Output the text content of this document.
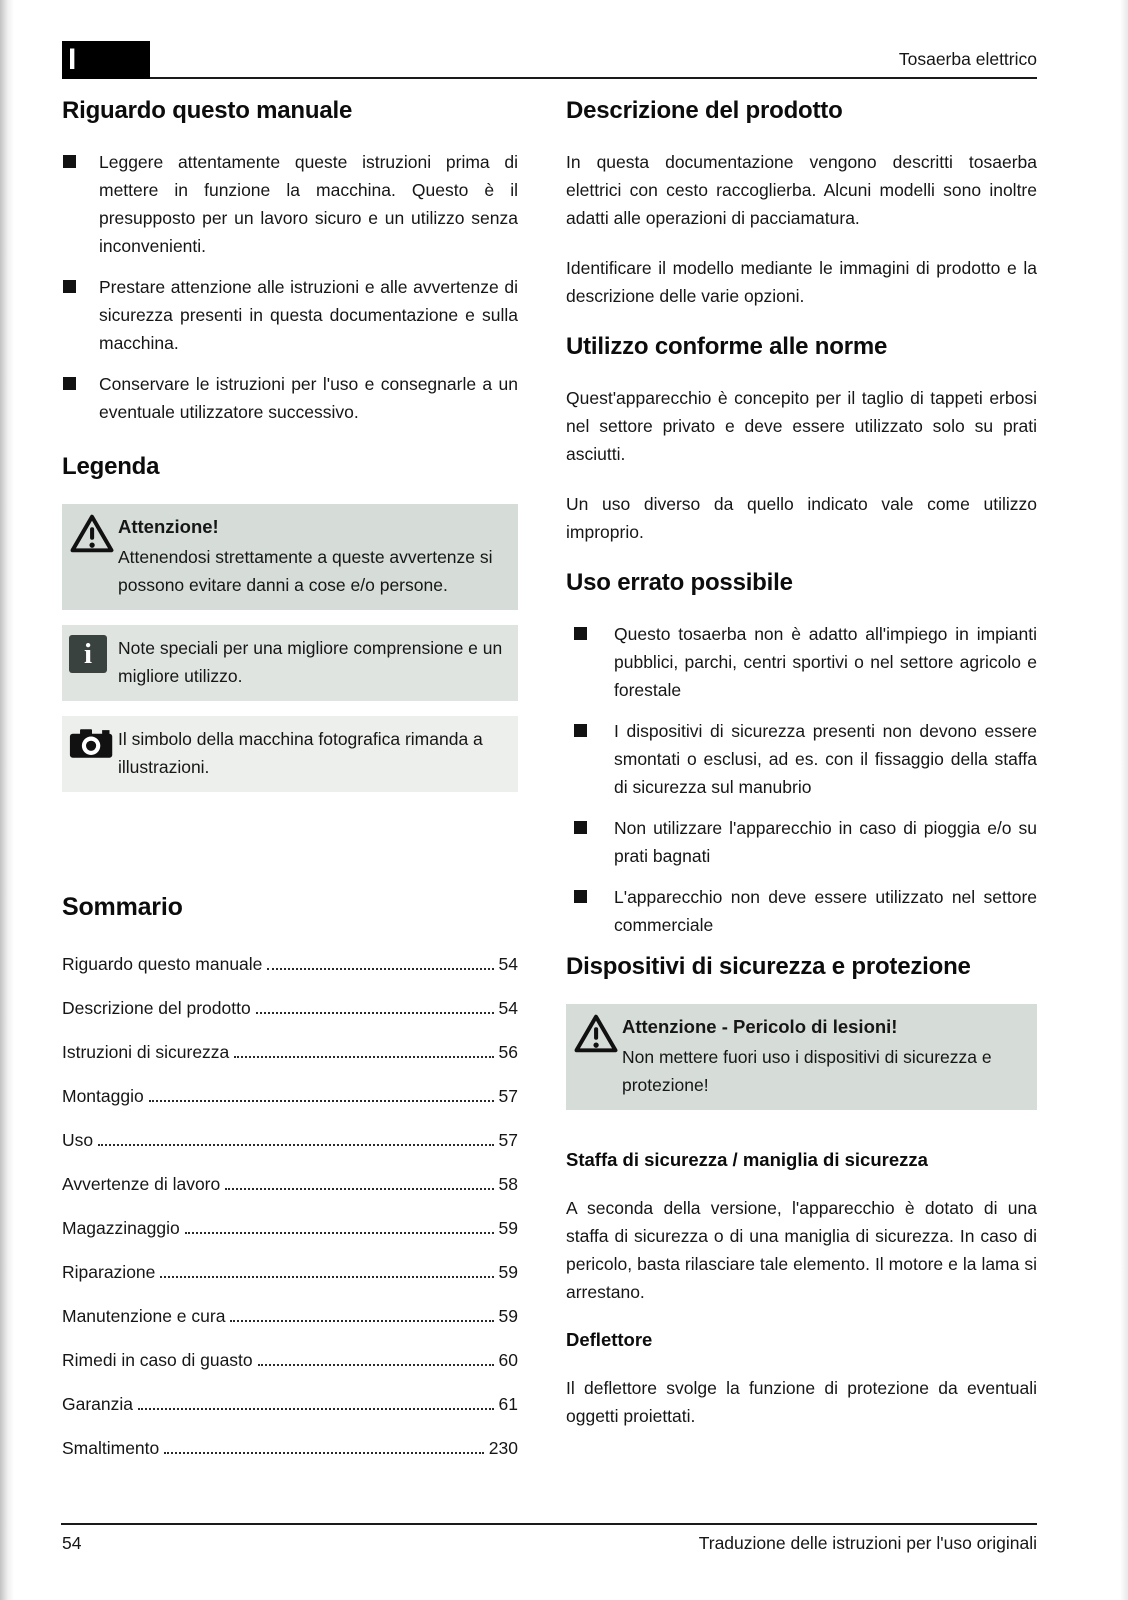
I	Tosaerba elettrico
Riguardo questo manuale
Leggere attentamente queste istruzioni prima di mettere in funzione la macchina. Questo è il presupposto per un lavoro sicuro e un utilizzo senza inconvenienti.
Prestare attenzione alle istruzioni e alle avvertenze di sicurezza presenti in questa documentazione e sulla macchina.
Conservare le istruzioni per l'uso e consegnarle a un eventuale utilizzatore successivo.
Legenda

Attenzione!

Attenendosi strettamente a queste avvertenze si possono evitare danni a cose e/o persone.

i Note speciali per una migliore comprensione e un migliore utilizzo.

Il simbolo della macchina fotografica rimanda a illustrazioni.

Sommario
Riguardo questo manuale	54
Descrizione del prodotto	54
Istruzioni di sicurezza	56
Montaggio	57
Uso	57
Avvertenze di lavoro	58
Magazzinaggio	59
Riparazione	59
Manutenzione e cura	59
Rimedi in caso di guasto	60
Garanzia	61
Smaltimento	230
Descrizione del prodotto

In questa documentazione vengono descritti tosaerba elettrici con cesto raccoglierba. Alcuni modelli sono inoltre adatti alle operazioni di pacciamatura.

Identificare il modello mediante le immagini di prodotto e la descrizione delle varie opzioni.

Utilizzo conforme alle norme

Quest'apparecchio è concepito per il taglio di tappeti erbosi nel settore privato e deve essere utilizzato solo su prati asciutti.

Un uso diverso da quello indicato vale come utilizzo improprio.

Uso errato possibile
Questo tosaerba non è adatto all'impiego in impianti pubblici, parchi, centri sportivi o nel settore agricolo e forestale
I dispositivi di sicurezza presenti non devono essere smontati o esclusi, ad es. con il fissaggio della staffa di sicurezza sul manubrio
Non utilizzare l'apparecchio in caso di pioggia e/o su prati bagnati
L'apparecchio non deve essere utilizzato nel settore commerciale
Dispositivi di sicurezza e protezione

Attenzione - Pericolo di lesioni!

Non mettere fuori uso i dispositivi di sicurezza e protezione!

Staffa di sicurezza / maniglia di sicurezza

A seconda della versione, l'apparecchio è dotato di una staffa di sicurezza o di una maniglia di sicurezza. In caso di pericolo, basta rilasciare tale elemento. Il motore e la lama si arrestano.

Deflettore

Il deflettore svolge la funzione di protezione da eventuali oggetti proiettati.

54	Traduzione delle istruzioni per l'uso originali
